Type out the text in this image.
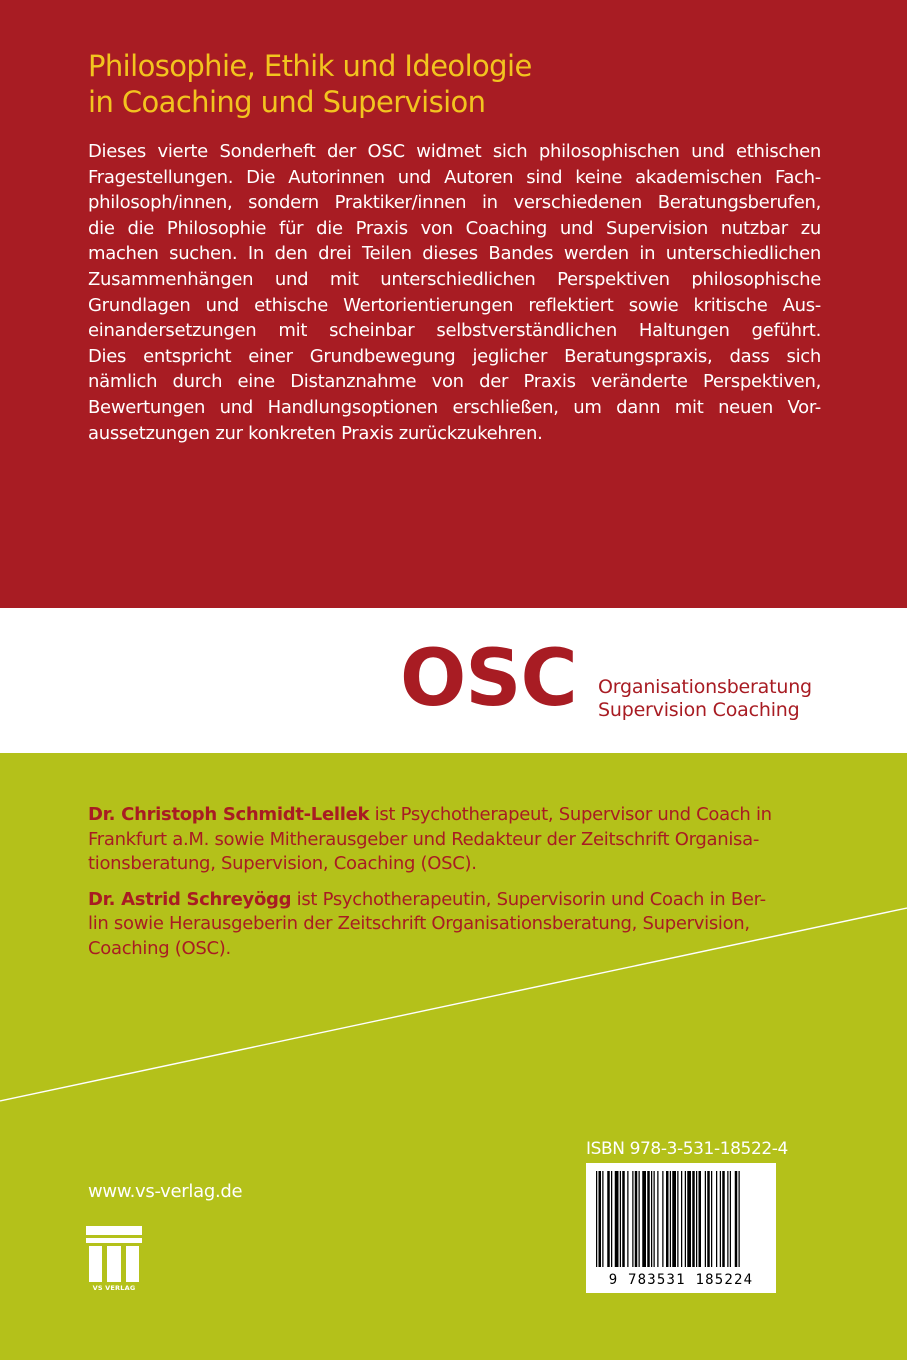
Philosophie, Ethik und Ideologie
in Coaching und Supervision
Dieses vierte Sonderheft der OSC widmet sich philosophischen und ethischen
Fragestellungen. Die Autorinnen und Autoren sind keine akademischen Fach-
philosoph/innen, sondern Praktiker/innen in verschiedenen Beratungsberufen,
die die Philosophie für die Praxis von Coaching und Supervision nutzbar zu
machen suchen. In den drei Teilen dieses Bandes werden in unterschiedlichen
Zusammenhängen und mit unterschiedlichen Perspektiven philosophische
Grundlagen und ethische Wertorientierungen reflektiert sowie kritische Aus-
einandersetzungen mit scheinbar selbstverständlichen Haltungen geführt.
Dies entspricht einer Grundbewegung jeglicher Beratungspraxis, dass sich
nämlich durch eine Distanznahme von der Praxis veränderte Perspektiven,
Bewertungen und Handlungsoptionen erschließen, um dann mit neuen Vor-
aussetzungen zur konkreten Praxis zurückzukehren.
OSC Organisationsberatung
Supervision Coaching

Dr. Christoph Schmidt-Lellek ist Psychotherapeut, Supervisor und Coach in
Frankfurt a.M. sowie Mitherausgeber und Redakteur der Zeitschrift Organisa-
tionsberatung, Supervision, Coaching (OSC).

Dr. Astrid Schreyögg ist Psychotherapeutin, Supervisorin und Coach in Ber-
lin sowie Herausgeberin der Zeitschrift Organisationsberatung, Supervision,
Coaching (OSC).

www.vs-verlag.de
VS VERLAG
ISBN 978-3-531-18522-4
9 783531 185224
